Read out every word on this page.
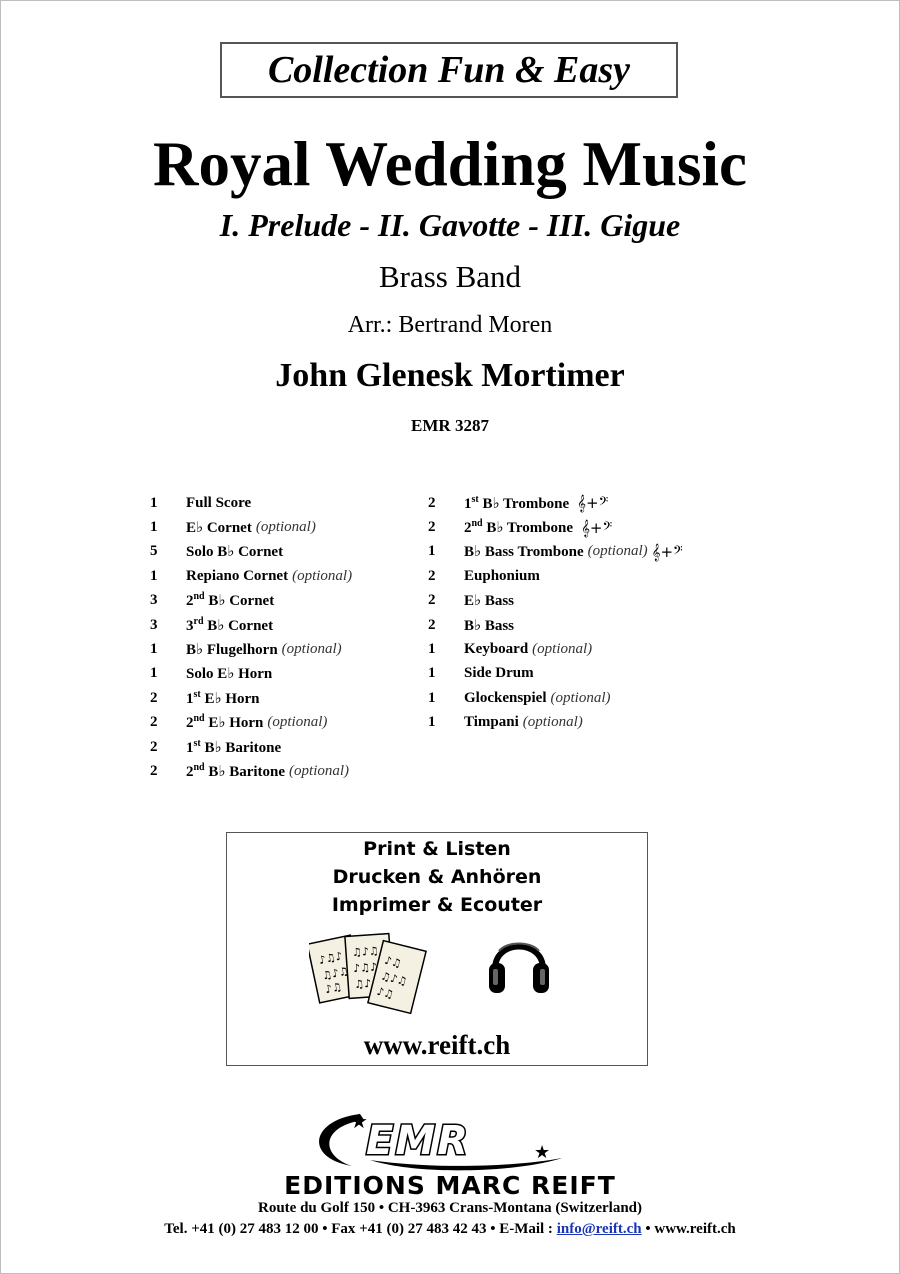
Collection Fun & Easy
Royal Wedding Music
I. Prelude - II. Gavotte - III. Gigue
Brass Band
Arr.: Bertrand Moren
John Glenesk Mortimer
EMR 3287
1	Full Score
1	E♭ Cornet (optional)
5	Solo B♭ Cornet
1	Repiano Cornet (optional)
3	2nd B♭ Cornet
3	3rd B♭ Cornet
1	B♭ Flugelhorn (optional)
1	Solo E♭ Horn
2	1st E♭ Horn
2	2nd E♭ Horn (optional)
2	1st B♭ Baritone
2	2nd B♭ Baritone (optional)
2	1st B♭ Trombone 𝄞+𝄢
2	2nd B♭ Trombone 𝄞+𝄢
1	B♭ Bass Trombone (optional) 𝄞+𝄢
2	Euphonium
2	E♭ Bass
2	B♭ Bass
1	Keyboard (optional)
1	Side Drum
1	Glockenspiel (optional)
1	Timpani (optional)
Print & Listen
Drucken & Anhören
Imprimer & Ecouter
♪♫♪
♫♪♫
♪♫
♫♪♫
♪♫♪
♫♪
♪♫
♫♪♫
♪♫
www.reift.ch
EMR
★
★
EDITIONS MARC REIFT
Route du Golf 150 • CH-3963 Crans-Montana (Switzerland)
Tel. +41 (0) 27 483 12 00 • Fax +41 (0) 27 483 42 43 • E-Mail : info@reift.ch • www.reift.ch
